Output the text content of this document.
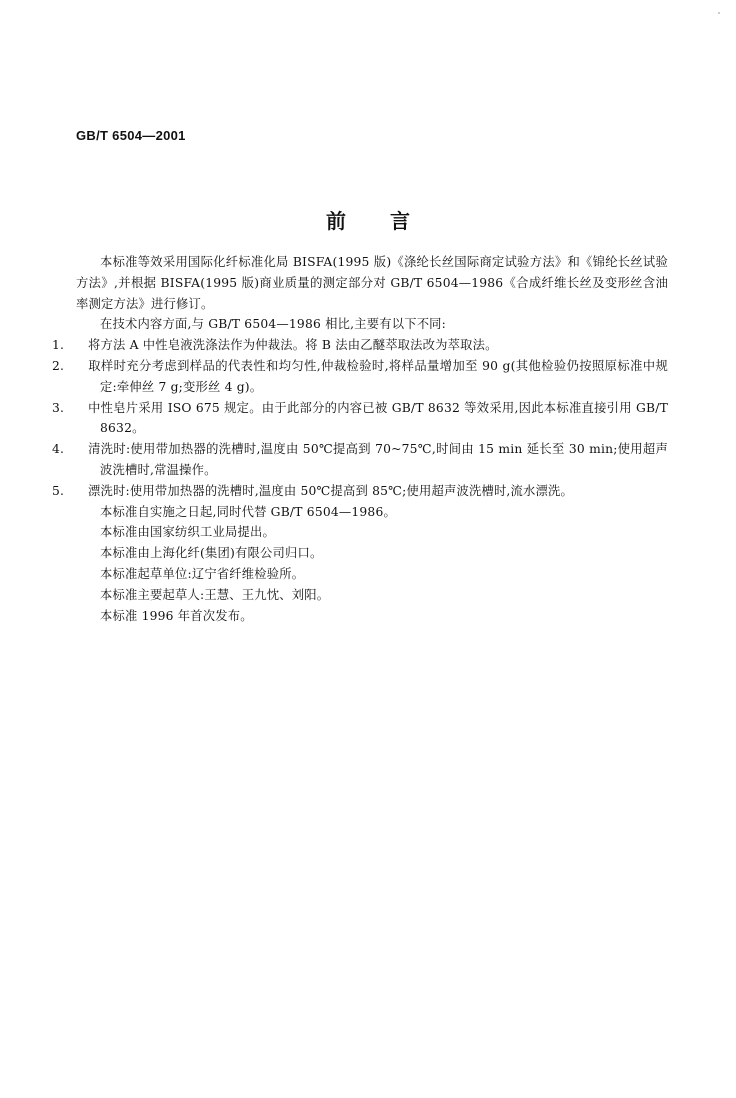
GB/T 6504—2001
前言

本标准等效采用国际化纤标准化局 BISFA(1995 版)《涤纶长丝国际商定试验方法》和《锦纶长丝试验方法》,并根据 BISFA(1995 版)商业质量的测定部分对 GB/T 6504—1986《合成纤维长丝及变形丝含油率测定方法》进行修订。

在技术内容方面,与 GB/T 6504—1986 相比,主要有以下不同:

1. 将方法 A 中性皂液洗涤法作为仲裁法。将 B 法由乙醚萃取法改为萃取法。

2. 取样时充分考虑到样品的代表性和均匀性,仲裁检验时,将样品量增加至 90 g(其他检验仍按照原标准中规定:牵伸丝 7 g;变形丝 4 g)。

3. 中性皂片采用 ISO 675 规定。由于此部分的内容已被 GB/T 8632 等效采用,因此本标准直接引用 GB/T 8632。

4. 清洗时:使用带加热器的洗槽时,温度由 50℃提高到 70~75℃,时间由 15 min 延长至 30 min;使用超声波洗槽时,常温操作。

5. 漂洗时:使用带加热器的洗槽时,温度由 50℃提高到 85℃;使用超声波洗槽时,流水漂洗。

本标准自实施之日起,同时代替 GB/T 6504—1986。

本标准由国家纺织工业局提出。

本标准由上海化纤(集团)有限公司归口。

本标准起草单位:辽宁省纤维检验所。

本标准主要起草人:王慧、王九忱、刘阳。

本标准 1996 年首次发布。
